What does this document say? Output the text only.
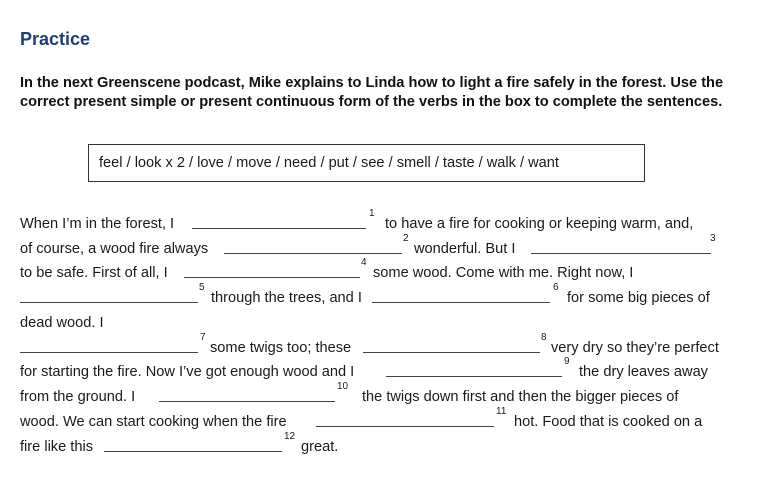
Practice

In the next Greenscene podcast, Mike explains to Linda how to light a fire safely in the forest. Use the correct present simple or present continuous form of the verbs in the box to complete the sentences.

feel / look x 2 / love / move / need / put / see / smell / taste / walk / want
When I’m in the forest, I
1
to have a fire for cooking or keeping warm, and,
of course, a wood fire always
2
wonderful. But I
3
to be safe. First of all, I
4
some wood. Come with me. Right now, I
5
through the trees, and I
6
for some big pieces of
dead wood. I
7
some twigs too; these
8
very dry so they’re perfect
for starting the fire. Now I’ve got enough wood and I
9
the dry leaves away
from the ground. I
10
the twigs down first and then the bigger pieces of
wood. We can start cooking when the fire
11
hot. Food that is cooked on a
fire like this
12
great.
